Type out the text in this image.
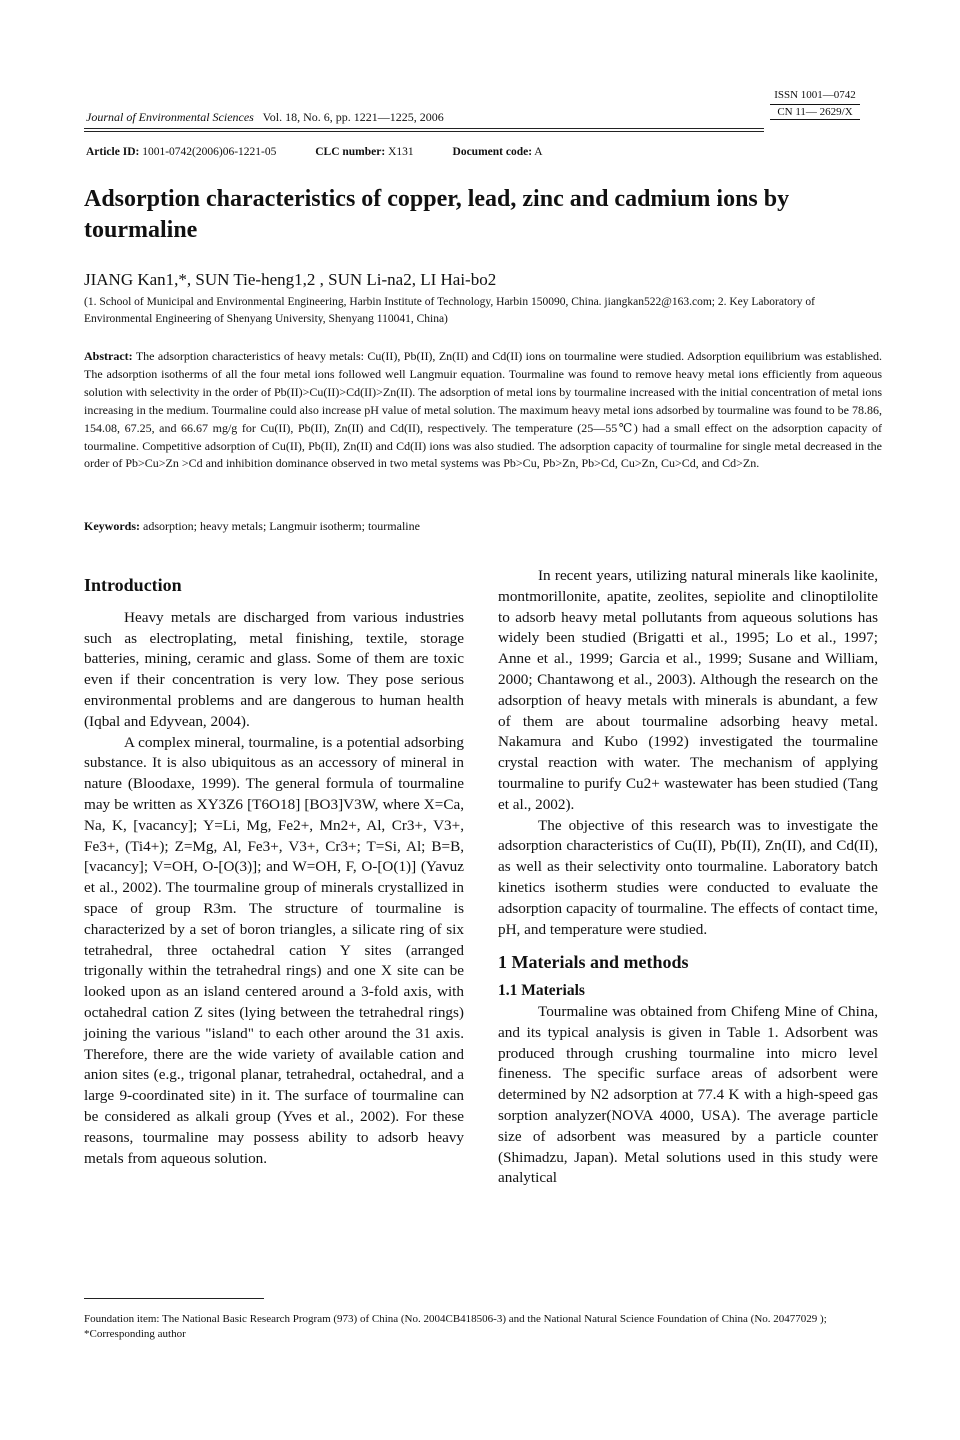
ISSN 1001—0742
CN 11— 2629/X
Journal of Environmental Sciences Vol. 18, No. 6, pp. 1221—1225, 2006
Article ID: 1001-0742(2006)06-1221-05	CLC number: X131	Document code: A
Adsorption characteristics of copper, lead, zinc and cadmium ions by tourmaline
JIANG Kan1,*, SUN Tie-heng1,2 , SUN Li-na2, LI Hai-bo2
(1. School of Municipal and Environmental Engineering, Harbin Institute of Technology, Harbin 150090, China. jiangkan522@163.com; 2. Key Laboratory of Environmental Engineering of Shenyang University, Shenyang 110041, China)
Abstract: The adsorption characteristics of heavy metals: Cu(II), Pb(II), Zn(II) and Cd(II) ions on tourmaline were studied. Adsorption equilibrium was established. The adsorption isotherms of all the four metal ions followed well Langmuir equation. Tourmaline was found to remove heavy metal ions efficiently from aqueous solution with selectivity in the order of Pb(II)>Cu(II)>Cd(II)>Zn(II). The adsorption of metal ions by tourmaline increased with the initial concentration of metal ions increasing in the medium. Tourmaline could also increase pH value of metal solution. The maximum heavy metal ions adsorbed by tourmaline was found to be 78.86, 154.08, 67.25, and 66.67 mg/g for Cu(II), Pb(II), Zn(II) and Cd(II), respectively. The temperature (25—55℃) had a small effect on the adsorption capacity of tourmaline. Competitive adsorption of Cu(II), Pb(II), Zn(II) and Cd(II) ions was also studied. The adsorption capacity of tourmaline for single metal decreased in the order of Pb>Cu>Zn >Cd and inhibition dominance observed in two metal systems was Pb>Cu, Pb>Zn, Pb>Cd, Cu>Zn, Cu>Cd, and Cd>Zn.
Keywords: adsorption; heavy metals; Langmuir isotherm; tourmaline
Introduction

Heavy metals are discharged from various industries such as electroplating, metal finishing, textile, storage batteries, mining, ceramic and glass. Some of them are toxic even if their concentration is very low. They pose serious environmental problems and are dangerous to human health (Iqbal and Edyvean, 2004).

A complex mineral, tourmaline, is a potential adsorbing substance. It is also ubiquitous as an accessory of mineral in nature (Bloodaxe, 1999). The general formula of tourmaline may be written as XY3Z6 [T6O18] [BO3]V3W, where X=Ca, Na, K, [vacancy]; Y=Li, Mg, Fe2+, Mn2+, Al, Cr3+, V3+, Fe3+, (Ti4+); Z=Mg, Al, Fe3+, V3+, Cr3+; T=Si, Al; B=B, [vacancy]; V=OH, O-[O(3)]; and W=OH, F, O-[O(1)] (Yavuz et al., 2002). The tourmaline group of minerals crystallized in space of group R3m. The structure of tourmaline is characterized by a set of boron triangles, a silicate ring of six tetrahedral, three octahedral cation Y sites (arranged trigonally within the tetrahedral rings) and one X site can be looked upon as an island centered around a 3-fold axis, with octahedral cation Z sites (lying between the tetrahedral rings) joining the various "island" to each other around the 31 axis. Therefore, there are the wide variety of available cation and anion sites (e.g., trigonal planar, tetrahedral, octahedral, and a large 9-coordinated site) in it. The surface of tourmaline can be considered as alkali group (Yves et al., 2002). For these reasons, tourmaline may possess ability to adsorb heavy metals from aqueous solution.

In recent years, utilizing natural minerals like kaolinite, montmorillonite, apatite, zeolites, sepiolite and clinoptilolite to adsorb heavy metal pollutants from aqueous solutions has widely been studied (Brigatti et al., 1995; Lo et al., 1997; Anne et al., 1999; Garcia et al., 1999; Susane and William, 2000; Chantawong et al., 2003). Although the research on the adsorption of heavy metals with minerals is abundant, a few of them are about tourmaline adsorbing heavy metal. Nakamura and Kubo (1992) investigated the tourmaline crystal reaction with water. The mechanism of applying tourmaline to purify Cu2+ wastewater has been studied (Tang et al., 2002).

The objective of this research was to investigate the adsorption characteristics of Cu(II), Pb(II), Zn(II), and Cd(II), as well as their selectivity onto tourmaline. Laboratory batch kinetics isotherm studies were conducted to evaluate the adsorption capacity of tourmaline. The effects of contact time, pH, and temperature were studied.

1 Materials and methods
1.1 Materials

Tourmaline was obtained from Chifeng Mine of China, and its typical analysis is given in Table 1. Adsorbent was produced through crushing tourmaline into micro level fineness. The specific surface areas of adsorbent were determined by N2 adsorption at 77.4 K with a high-speed gas sorption analyzer(NOVA 4000, USA). The average particle size of adsorbent was measured by a particle counter (Shimadzu, Japan). Metal solutions used in this study were analytical

Foundation item: The National Basic Research Program (973) of China (No. 2004CB418506-3) and the National Natural Science Foundation of China (No. 20477029 ); *Corresponding author
